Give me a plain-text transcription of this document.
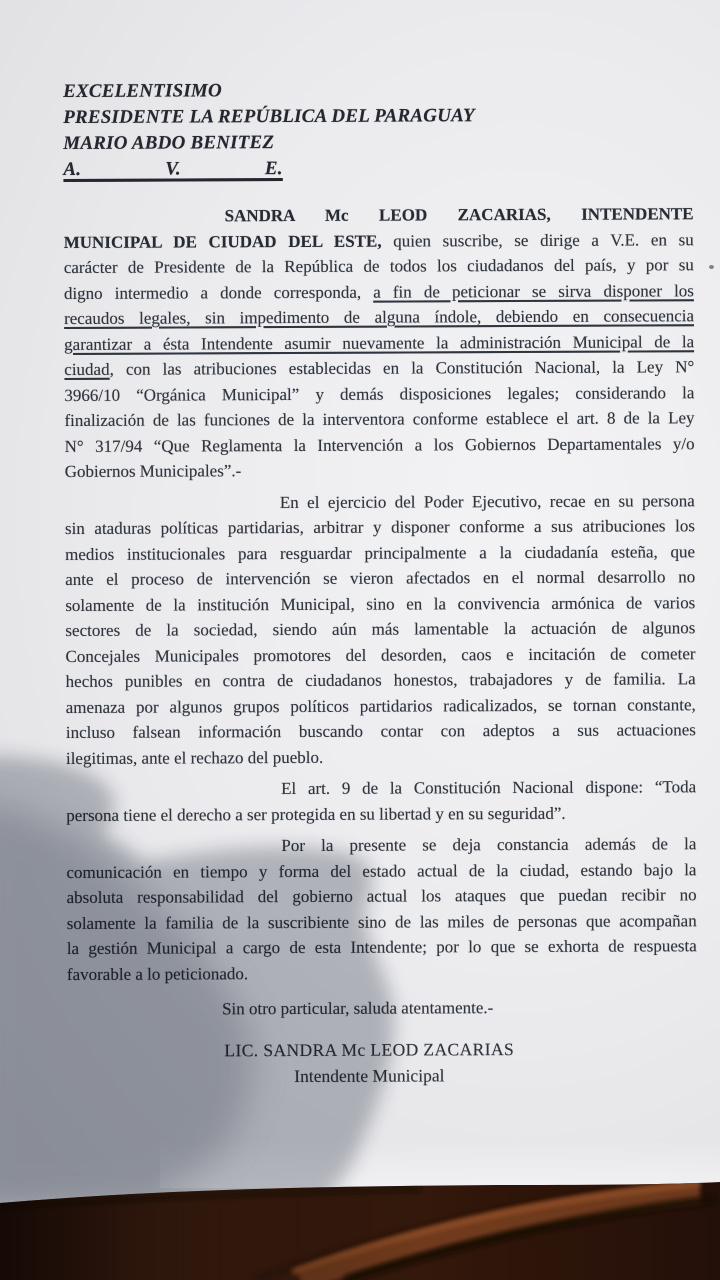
EXCELENTISIMO
PRESIDENTE LA REPÚBLICA DEL PARAGUAY
MARIO ABDO BENITEZ
A.                 V.                 E.
SANDRA Mc LEOD ZACARIAS, INTENDENTE
MUNICIPAL DE CIUDAD DEL ESTE, quien suscribe, se dirige a V.E. en su
carácter de Presidente de la República de todos los ciudadanos del país, y por su
digno intermedio a donde corresponda, a fin de peticionar se sirva disponer los
recaudos legales, sin impedimento de alguna índole, debiendo en consecuencia
garantizar a ésta Intendente asumir nuevamente la administración Municipal de la
ciudad, con las atribuciones establecidas en la Constitución Nacional, la Ley N°
3966/10 “Orgánica Municipal” y demás disposiciones legales; considerando la
finalización de las funciones de la interventora conforme establece el art. 8 de la Ley
N° 317/94 “Que Reglamenta la Intervención a los Gobiernos Departamentales y/o
Gobiernos Municipales”.-
En el ejercicio del Poder Ejecutivo, recae en su persona
sin ataduras políticas partidarias, arbitrar y disponer conforme a sus atribuciones los
medios institucionales para resguardar principalmente a la ciudadanía esteña, que
ante el proceso de intervención se vieron afectados en el normal desarrollo no
solamente de la institución Municipal, sino en la convivencia armónica de varios
sectores de la sociedad, siendo aún más lamentable la actuación de algunos
Concejales Municipales promotores del desorden, caos e incitación de cometer
hechos punibles en contra de ciudadanos honestos, trabajadores y de familia. La
amenaza por algunos grupos políticos partidarios radicalizados, se tornan constante,
incluso falsean información buscando contar con adeptos a sus actuaciones
ilegitimas, ante el rechazo del pueblo.
El art. 9 de la Constitución Nacional dispone: “Toda
persona tiene el derecho a ser protegida en su libertad y en su seguridad”.
Por la presente se deja constancia además de la
comunicación en tiempo y forma del estado actual de la ciudad, estando bajo la
absoluta responsabilidad del gobierno actual los ataques que puedan recibir no
solamente la familia de la suscribiente sino de las miles de personas que acompañan
la gestión Municipal a cargo de esta Intendente; por lo que se exhorta de respuesta
favorable a lo peticionado.
Sin otro particular, saluda atentamente.-
LIC. SANDRA Mc LEOD ZACARIAS
Intendente Municipal
